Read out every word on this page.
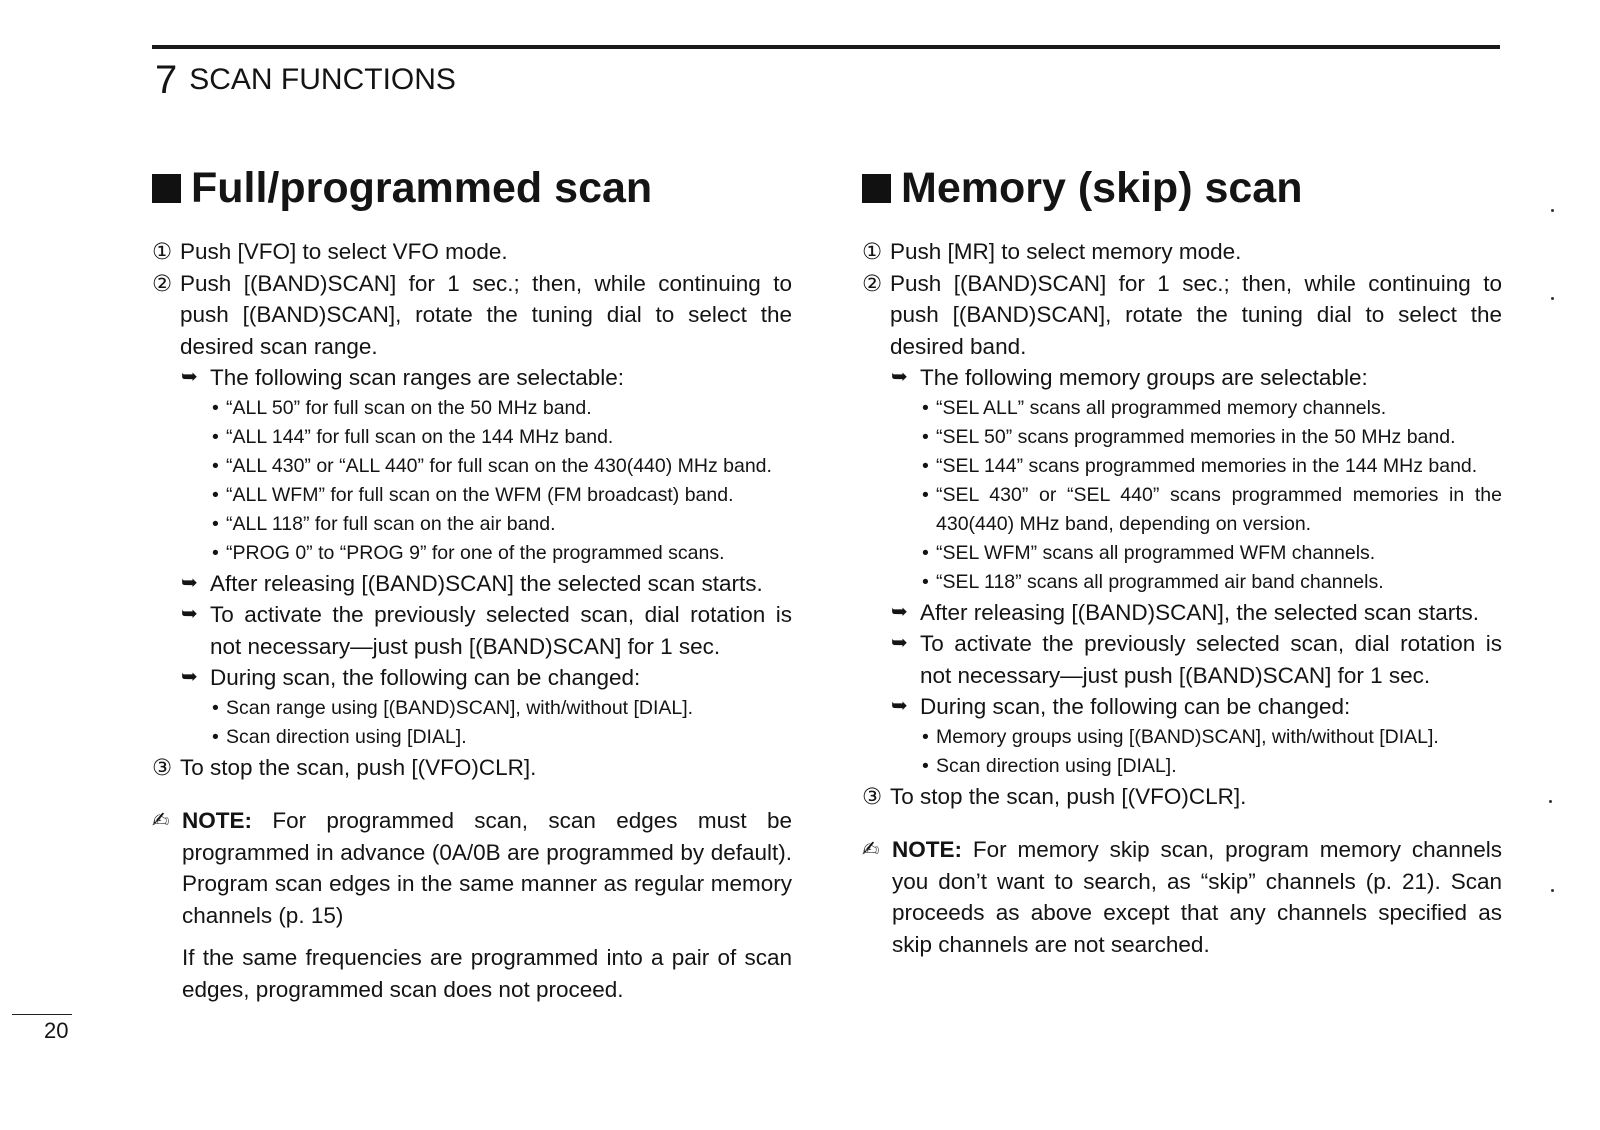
7 SCAN FUNCTIONS
Full/programmed scan
① Push [VFO] to select VFO mode.
② Push [(BAND)SCAN] for 1 sec.; then, while continuing to push [(BAND)SCAN], rotate the tuning dial to select the desired scan range.
➥ The following scan ranges are selectable:
• “ALL 50” for full scan on the 50 MHz band.
• “ALL 144” for full scan on the 144 MHz band.
• “ALL 430” or “ALL 440” for full scan on the 430(440) MHz band.
• “ALL WFM” for full scan on the WFM (FM broadcast) band.
• “ALL 118” for full scan on the air band.
• “PROG 0” to “PROG 9” for one of the programmed scans.
➥ After releasing [(BAND)SCAN] the selected scan starts.
➥ To activate the previously selected scan, dial rotation is not necessary—just push [(BAND)SCAN] for 1 sec.
➥ During scan, the following can be changed:
• Scan range using [(BAND)SCAN], with/without [DIAL].
• Scan direction using [DIAL].
③ To stop the scan, push [(VFO)CLR].
✍ NOTE: For programmed scan, scan edges must be programmed in advance (0A/0B are programmed by default). Program scan edges in the same manner as regular memory channels (p. 15)
If the same frequencies are programmed into a pair of scan edges, programmed scan does not proceed.
Memory (skip) scan
① Push [MR] to select memory mode.
② Push [(BAND)SCAN] for 1 sec.; then, while continuing to push [(BAND)SCAN], rotate the tuning dial to select the desired band.
➥ The following memory groups are selectable:
• “SEL ALL” scans all programmed memory channels.
• “SEL 50” scans programmed memories in the 50 MHz band.
• “SEL 144” scans programmed memories in the 144 MHz band.
• “SEL 430” or “SEL 440” scans programmed memories in the 430(440) MHz band, depending on version.
• “SEL WFM” scans all programmed WFM channels.
• “SEL 118” scans all programmed air band channels.
➥ After releasing [(BAND)SCAN], the selected scan starts.
➥ To activate the previously selected scan, dial rotation is not necessary—just push [(BAND)SCAN] for 1 sec.
➥ During scan, the following can be changed:
• Memory groups using [(BAND)SCAN], with/without [DIAL].
• Scan direction using [DIAL].
③ To stop the scan, push [(VFO)CLR].
✍ NOTE: For memory skip scan, program memory channels you don’t want to search, as “skip” channels (p. 21). Scan proceeds as above except that any channels specified as skip channels are not searched.
20
